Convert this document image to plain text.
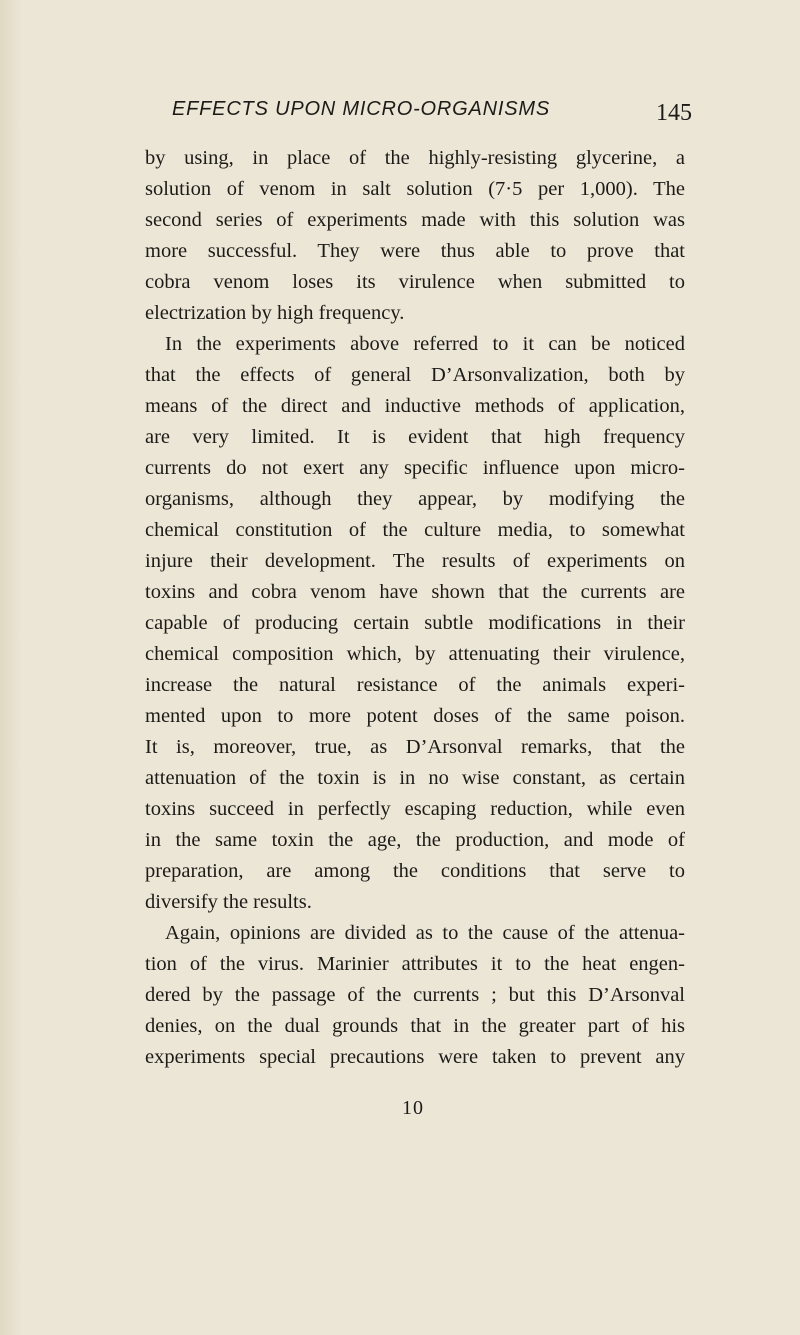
EFFECTS UPON MICRO-ORGANISMS	145
by using, in place of the highly-resisting glycerine, a
solution of venom in salt solution (7·5 per 1,000). The
second series of experiments made with this solution was
more successful. They were thus able to prove that
cobra venom loses its virulence when submitted to
electrization by high frequency.
In the experiments above referred to it can be noticed
that the effects of general D’Arsonvalization, both by
means of the direct and inductive methods of application,
are very limited. It is evident that high frequency
currents do not exert any specific influence upon micro-
organisms, although they appear, by modifying the
chemical constitution of the culture media, to somewhat
injure their development. The results of experiments on
toxins and cobra venom have shown that the currents are
capable of producing certain subtle modifications in their
chemical composition which, by attenuating their virulence,
increase the natural resistance of the animals experi-
mented upon to more potent doses of the same poison.
It is, moreover, true, as D’Arsonval remarks, that the
attenuation of the toxin is in no wise constant, as certain
toxins succeed in perfectly escaping reduction, while even
in the same toxin the age, the production, and mode of
preparation, are among the conditions that serve to
diversify the results.
Again, opinions are divided as to the cause of the attenua-
tion of the virus. Marinier attributes it to the heat engen-
dered by the passage of the currents ; but this D’Arsonval
denies, on the dual grounds that in the greater part of his
experiments special precautions were taken to prevent any
10
